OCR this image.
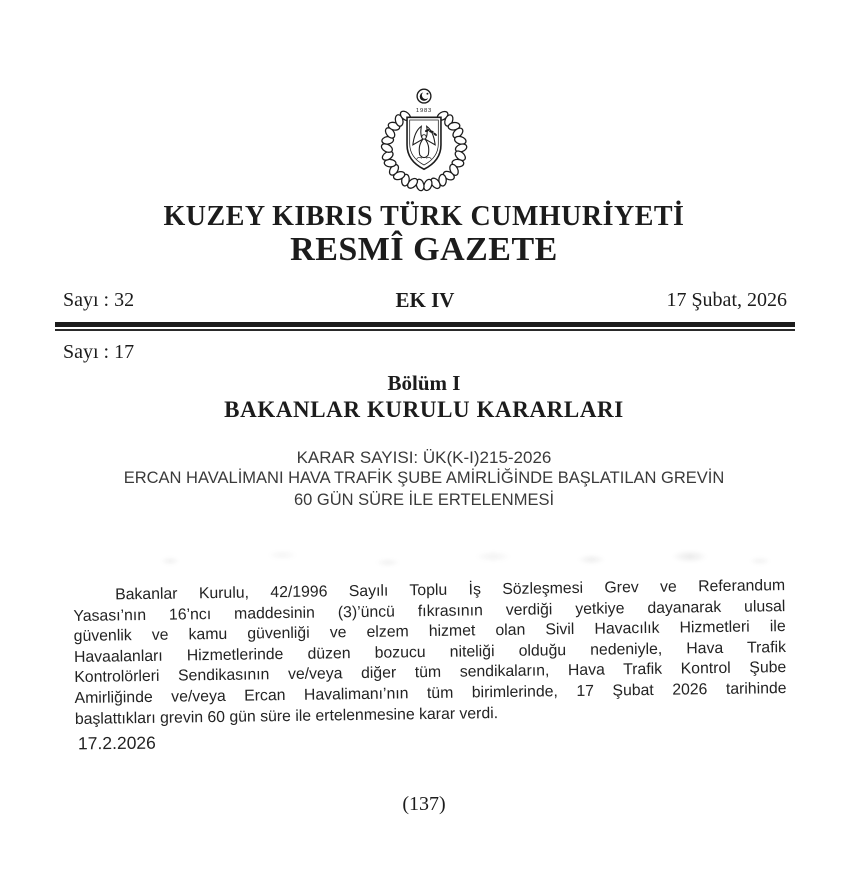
1983
KUZEY KIBRIS TÜRK CUMHURİYETİ
RESMÎ GAZETE
Sayı : 32	EK IV	17 Şubat, 2026
Sayı : 17
Bölüm I
BAKANLAR KURULU KARARLARI
KARAR SAYISI: ÜK(K-I)215-2026
ERCAN HAVALİMANI HAVA TRAFİK ŞUBE AMİRLİĞİNDE BAŞLATILAN GREVİN
60 GÜN SÜRE İLE ERTELENMESİ
Bakanlar Kurulu, 42/1996 Sayılı Toplu İş Sözleşmesi Grev ve Referandum
Yasası’nın 16’ncı maddesinin (3)’üncü fıkrasının verdiği yetkiye dayanarak ulusal
güvenlik ve kamu güvenliği ve elzem hizmet olan Sivil Havacılık Hizmetleri ile
Havaalanları Hizmetlerinde düzen bozucu niteliği olduğu nedeniyle, Hava Trafik
Kontrolörleri Sendikasının ve/veya diğer tüm sendikaların, Hava Trafik Kontrol Şube
Amirliğinde ve/veya Ercan Havalimanı’nın tüm birimlerinde, 17 Şubat 2026 tarihinde
başlattıkları grevin 60 gün süre ile ertelenmesine karar verdi.
17.2.2026
(137)
